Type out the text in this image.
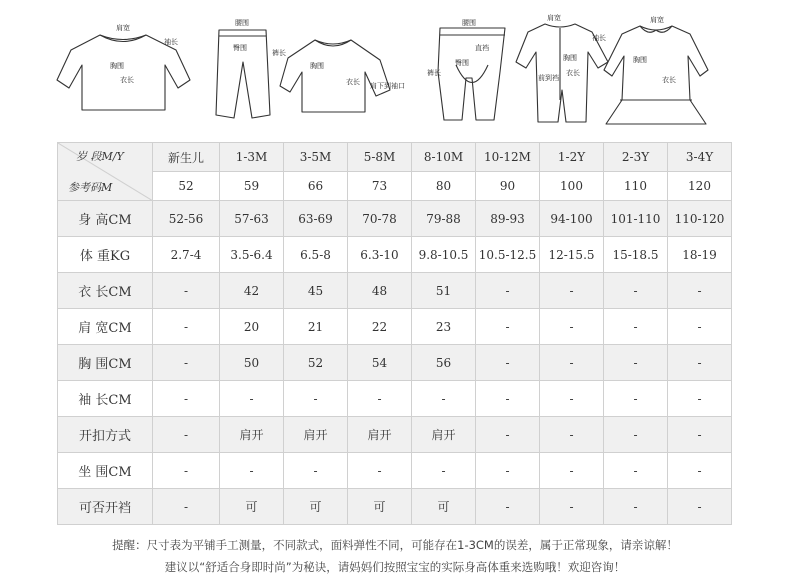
肩宽
袖长
胸围
衣长
腰围
裤长
臀围
胸围
衣长 肩下到袖口
腰围
裤长
臀围
直裆
肩宽
袖长
胸围
衣长
前到裆
肩宽
胸围
衣长
岁 段M/Y
参考码M	新生儿	1-3M	3-5M	5-8M	8-10M	10-12M	1-2Y	2-3Y	3-4Y
	52	59	66	73	80	90	100	110	120
身 高CM	52-56	57-63	63-69	70-78	79-88	89-93	94-100	101-110	110-120
体 重KG	2.7-4	3.5-6.4	6.5-8	6.3-10	9.8-10.5	10.5-12.5	12-15.5	15-18.5	18-19
衣 长CM	-	42	45	48	51	-	-	-	-
肩 宽CM	-	20	21	22	23	-	-	-	-
胸 围CM	-	50	52	54	56	-	-	-	-
袖 长CM	-	-	-	-	-	-	-	-	-
开扣方式	-	肩开	肩开	肩开	肩开	-	-	-	-
坐 围CM	-	-	-	-	-	-	-	-	-
可否开裆	-	可	可	可	可	-	-	-	-
提醒：尺寸表为平铺手工测量，不同款式，面料弹性不同，可能存在1-3CM的误差，属于正常现象，请亲谅解！
建议以“舒适合身即时尚”为秘诀，请妈妈们按照宝宝的实际身高体重来选购哦！欢迎咨询！
